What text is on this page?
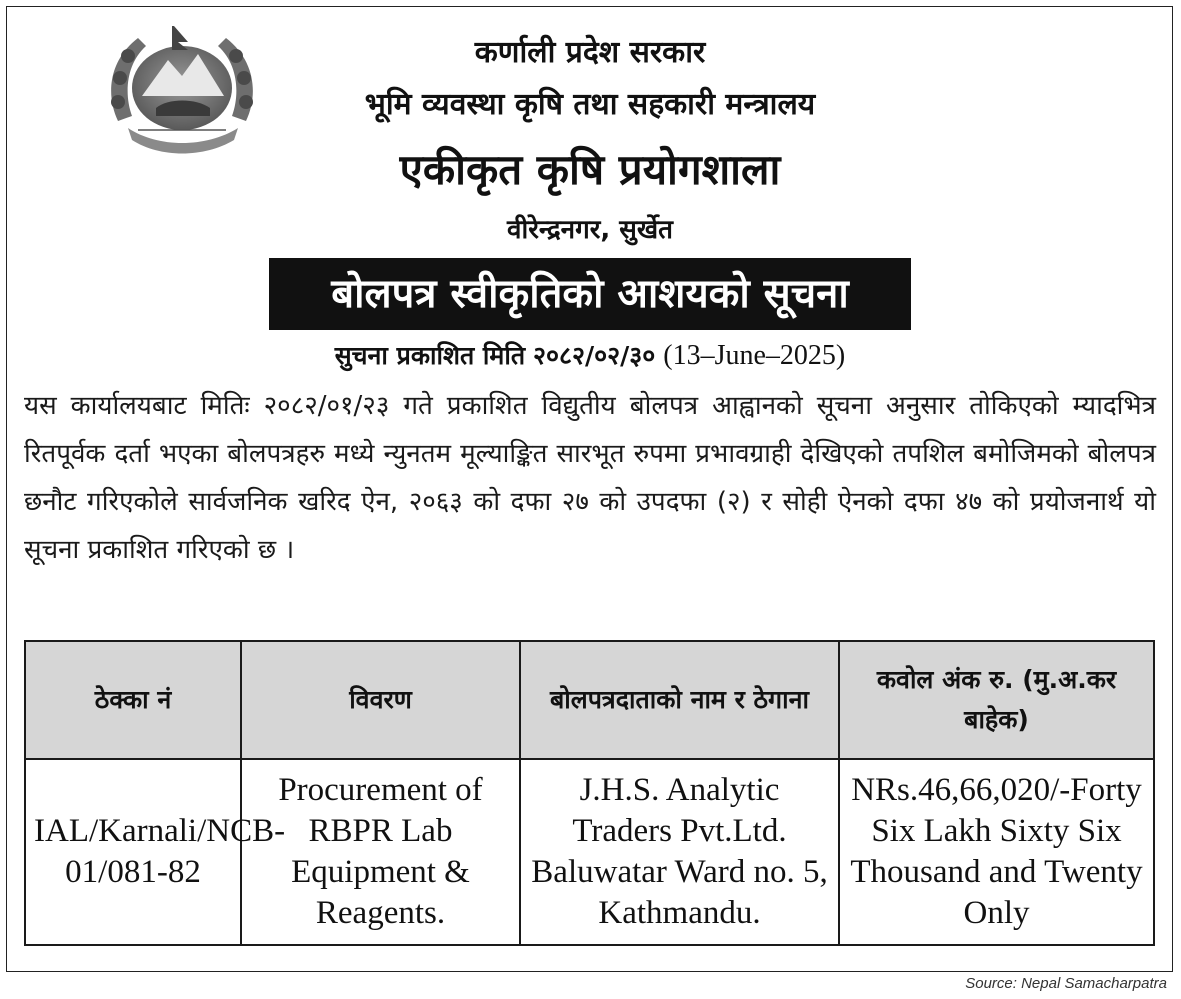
कर्णाली प्रदेश सरकार
भूमि व्यवस्था कृषि तथा सहकारी मन्त्रालय
एकीकृत कृषि प्रयोगशाला
वीरेन्द्रनगर, सुर्खेत
बोलपत्र स्वीकृतिको आशयको सूचना
सुचना प्रकाशित मिति २०८२/०२/३० (13–June–2025)
यस कार्यालयबाट मितिः २०८२/०१/२३ गते प्रकाशित विद्युतीय बोलपत्र आह्वानको सूचना अनुसार तोकिएको म्यादभित्र रितपूर्वक दर्ता भएका बोलपत्रहरु मध्ये न्युनतम मूल्याङ्कित सारभूत रुपमा प्रभावग्राही देखिएको तपशिल बमोजिमको बोलपत्र छनौट गरिएकोले सार्वजनिक खरिद ऐन, २०६३ को दफा २७ को उपदफा (२) र सोही ऐनको दफा ४७ को प्रयोजनार्थ यो सूचना प्रकाशित गरिएको छ ।
ठेक्का नं	विवरण	बोलपत्रदाताको नाम र ठेगाना	कवोल अंक रु. (मु.अ.कर बाहेक)
IAL/Karnali/NCB-01/081-82	Procurement of RBPR Lab Equipment & Reagents.	J.H.S. Analytic Traders Pvt.Ltd. Baluwatar Ward no. 5, Kathmandu.	NRs.46,66,020/-Forty Six Lakh Sixty Six Thousand and Twenty Only
Source: Nepal Samacharpatra
